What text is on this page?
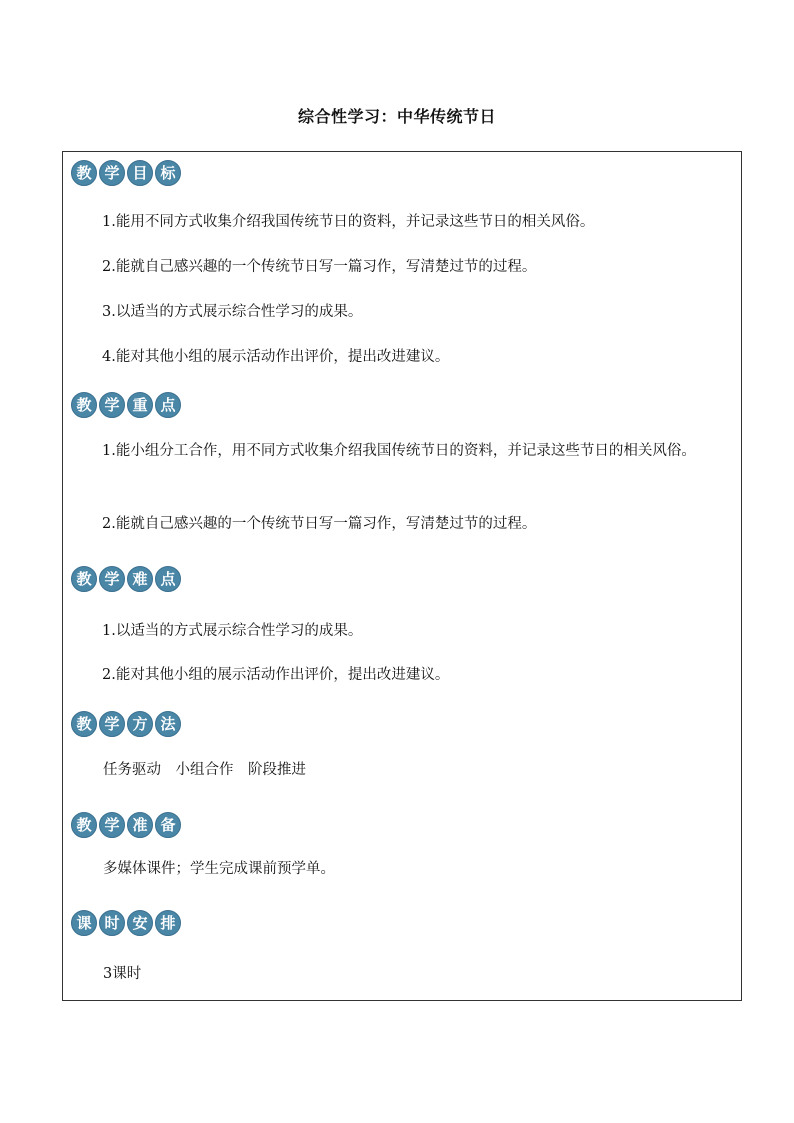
综合性学习：中华传统节日
教 学 目 标
1.能用不同方式收集介绍我国传统节日的资料，并记录这些节日的相关风俗。
2.能就自己感兴趣的一个传统节日写一篇习作，写清楚过节的过程。
3.以适当的方式展示综合性学习的成果。
4.能对其他小组的展示活动作出评价，提出改进建议。
教 学 重 点
1.能小组分工合作，用不同方式收集介绍我国传统节日的资料，并记录这些节日的相关风俗。
2.能就自己感兴趣的一个传统节日写一篇习作，写清楚过节的过程。
教 学 难 点
1.以适当的方式展示综合性学习的成果。
2.能对其他小组的展示活动作出评价，提出改进建议。
教 学 方 法
任务驱动　小组合作　阶段推进
教 学 准 备
多媒体课件；学生完成课前预学单。
课 时 安 排
3课时
